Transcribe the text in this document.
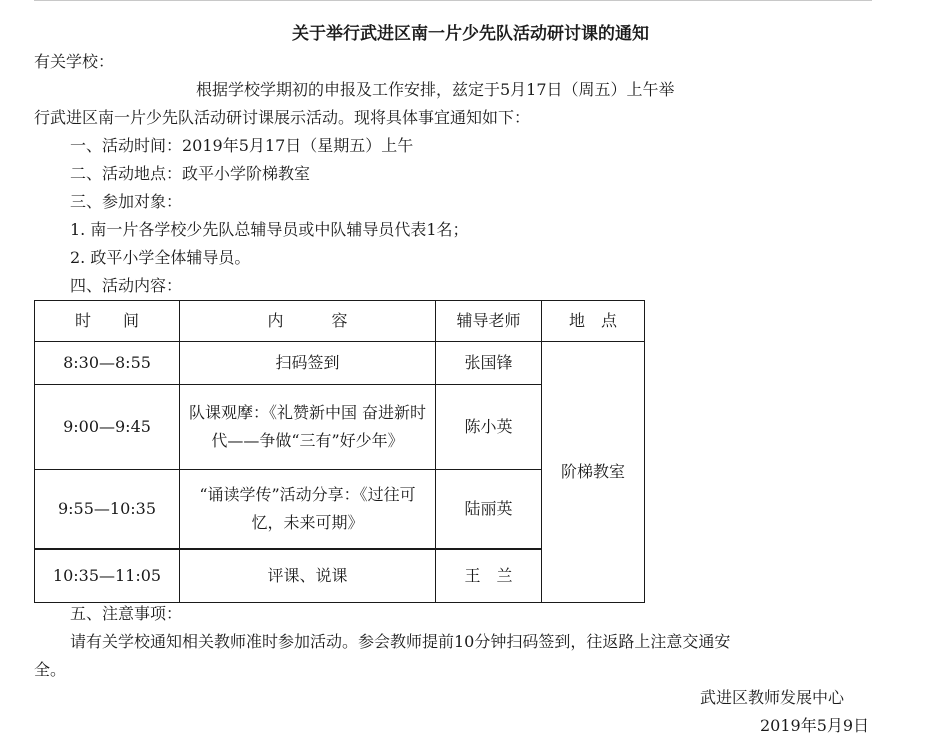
关于举行武进区南一片少先队活动研讨课的通知
有关学校：
根据学校学期初的申报及工作安排，兹定于5月17日（周五）上午举
行武进区南一片少先队活动研讨课展示活动。现将具体事宜通知如下：
一、活动时间：2019年5月17日（星期五）上午
二、活动地点：政平小学阶梯教室
三、参加对象：
1. 南一片各学校少先队总辅导员或中队辅导员代表1名；
2. 政平小学全体辅导员。
四、活动内容：
时　　间	内　　　容	辅导老师	地　点
8:30—8:55	扫码签到	张国锋	阶梯教室
9:00—9:45	队课观摩：《礼赞新中国 奋进新时代——争做“三有”好少年》	陈小英	
9:55—10:35	“诵读学传”活动分享：《过往可忆，未来可期》	陆丽英	
10:35—11:05	评课、说课	王　兰	
五、注意事项：
请有关学校通知相关教师准时参加活动。参会教师提前10分钟扫码签到，往返路上注意交通安
全。
武进区教师发展中心
2019年5月9日
